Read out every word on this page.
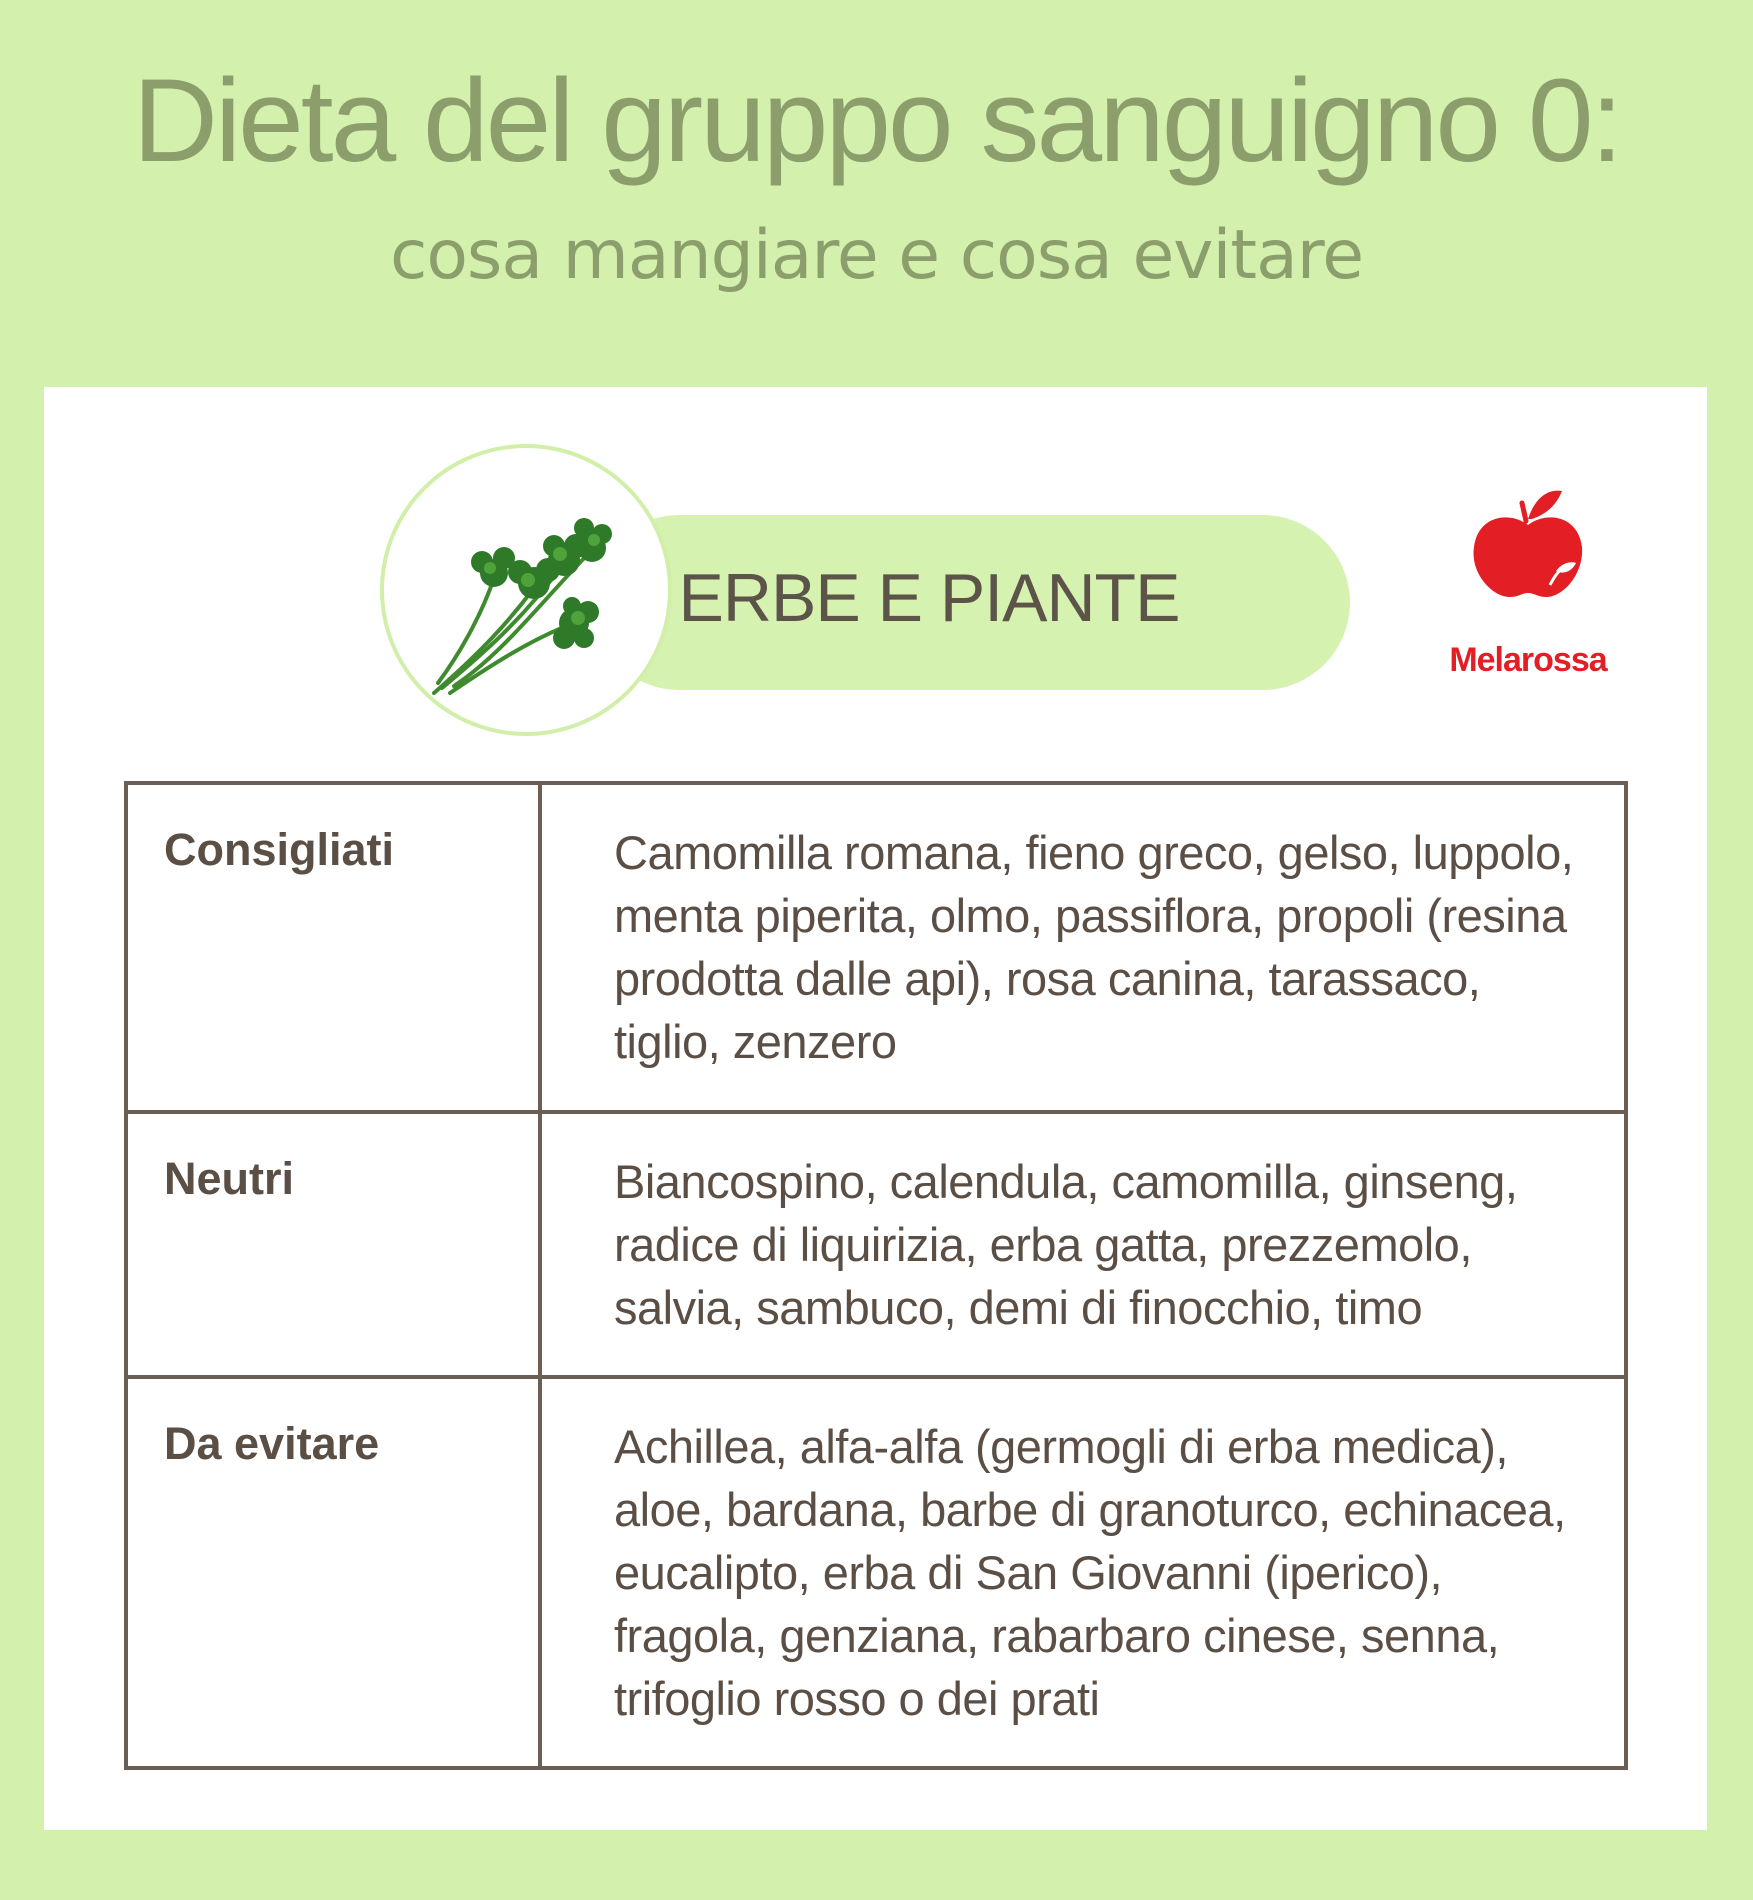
Dieta del gruppo sanguigno 0:
cosa mangiare e cosa evitare
ERBE E PIANTE
Melarossa
Consigliati	Camomilla romana, fieno greco, gelso, luppolo, menta piperita, olmo, passiflora, propoli (resina prodotta dalle api), rosa canina, tarassaco, tiglio, zenzero
Neutri	Biancospino, calendula, camomilla, ginseng, radice di liquirizia, erba gatta, prezzemolo, salvia, sambuco, demi di finocchio, timo
Da evitare	Achillea, alfa-alfa (germogli di erba medica), aloe, bardana, barbe di granoturco, echinacea, eucalipto, erba di San Giovanni (iperico), fragola, genziana, rabarbaro cinese, senna, trifoglio rosso o dei prati
